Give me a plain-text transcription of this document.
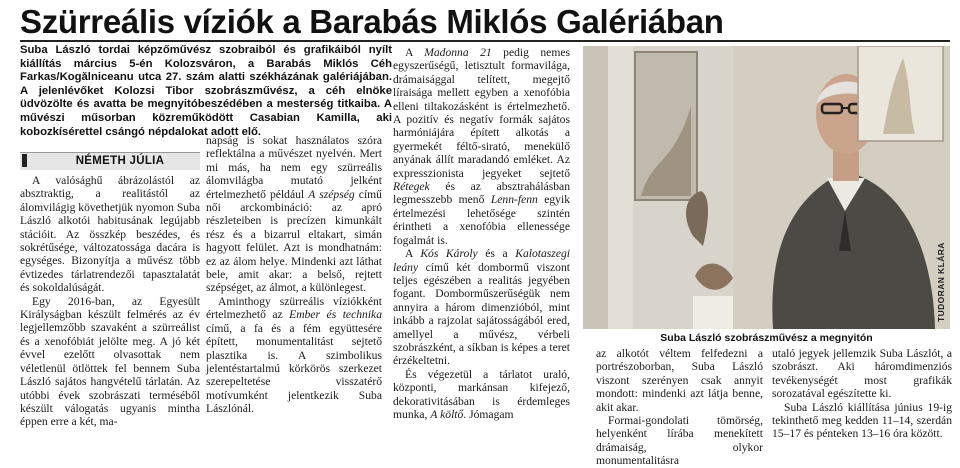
Szürreális víziók a Barabás Miklós Galériában

Suba László tordai képzőművész szobraiból és grafikáiból nyílt kiállítás március 5-én Kolozsváron, a Barabás Miklós Céh Farkas/Kogălniceanu utca 27. szám alatti székházának galériájában. A jelenlévőket Kolozsi Tibor szobrászművész, a céh elnöke üdvözölte és avatta be megnyitóbeszédében a mesterség titkaiba. A művészi műsorban közreműködött Casabian Kamilla, aki kobozkísérettel csángó népdalokat adott elő.

NÉMETH JÚLIA

A valósághű ábrázolástól az absztraktig, a realitástól az álomvilágig követhetjük nyomon Suba László alkotói habitusának legújabb stációit. Az összkép beszédes, és sokrétűsége, változatossága dacára is egységes. Bizonyítja a művész több évtizedes tárlatrendezői tapasztalatát és sokoldalúságát.

Egy 2016-ban, az Egyesült Királyságban készült felmérés az év legjellemzőbb szavaként a szürreálist és a xenofóbiát jelölte meg. A jó két évvel ezelőtt olvasottak nem véletlenül ötlöttek fel bennem Suba László sajátos hangvételű tárlatán. Az utóbbi évek szobrászati terméséből készült válogatás ugyanis mintha éppen erre a két, ma-

napság is sokat használatos szóra reflektálna a művészet nyelvén. Mert mi más, ha nem egy szürreális álomvilágba mutató jelként értelmezhető például A szépség című női arckombináció: az apró részleteiben is precízen kimunkált rész és a bizarrul eltakart, simán hagyott felület. Azt is mondhatnám: ez az álom helye. Mindenki azt láthat bele, amit akar: a belső, rejtett szépséget, az álmot, a különlegest.

Aminthogy szürreális víziókként értelmezhető az Ember és technika című, a fa és a fém együttesére épített, monumentalitást sejtető plasztika is. A szimbolikus jelentéstartalmú körkörös szerkezet szerepeltetése visszatérő motívumként jelentkezik Suba Lászlónál.

A Madonna 21 pedig nemes egyszerűségű, letisztult formavilága, drámaisággal telített, megejtő líraisága mellett egyben a xenofóbia elleni tiltakozásként is értelmezhető. A pozitív és negatív formák sajátos harmóniájára épített alkotás a gyermekét féltő-sirató, menekülő anyának állít maradandó emléket. Az expresszionista jegyeket sejtető Rétegek és az absztrahálásban legmesszebb menő Lenn-fenn egyik értelmezési lehetősége szintén érintheti a xenofóbia ellenessége fogalmát is.

A Kós Károly és a Kalotaszegi leány című két dombormű viszont teljes egészében a realitás jegyében fogant. Domborműszerűségük nem annyira a három dimenzióból, mint inkább a rajzolat sajátosságából ered, amellyel a művész, vérbeli szobrászként, a síkban is képes a teret érzékeltetni.

És végezetül a tárlatot uraló, központi, markánsan kifejező, dekorativitásában is érdemleges munka, A költő. Jómagam

TUDORAN KLÁRA
Suba László szobrászművész a megnyitón

az alkotót véltem felfedezni a portrészoborban, Suba László viszont szerényen csak annyit mondott: mindenki azt látja benne, akit akar.

Formai-gondolati tömörség, helyenként lírába menekített drámaiság, olykor monumentalitásra

utaló jegyek jellemzik Suba Lászlót, a szobrászt. Aki háromdimenziós tevékenységét most grafikák sorozatával egészítette ki.

Suba László kiállítása június 19-ig tekinthető meg kedden 11–14, szerdán 15–17 és pénteken 13–16 óra között.
